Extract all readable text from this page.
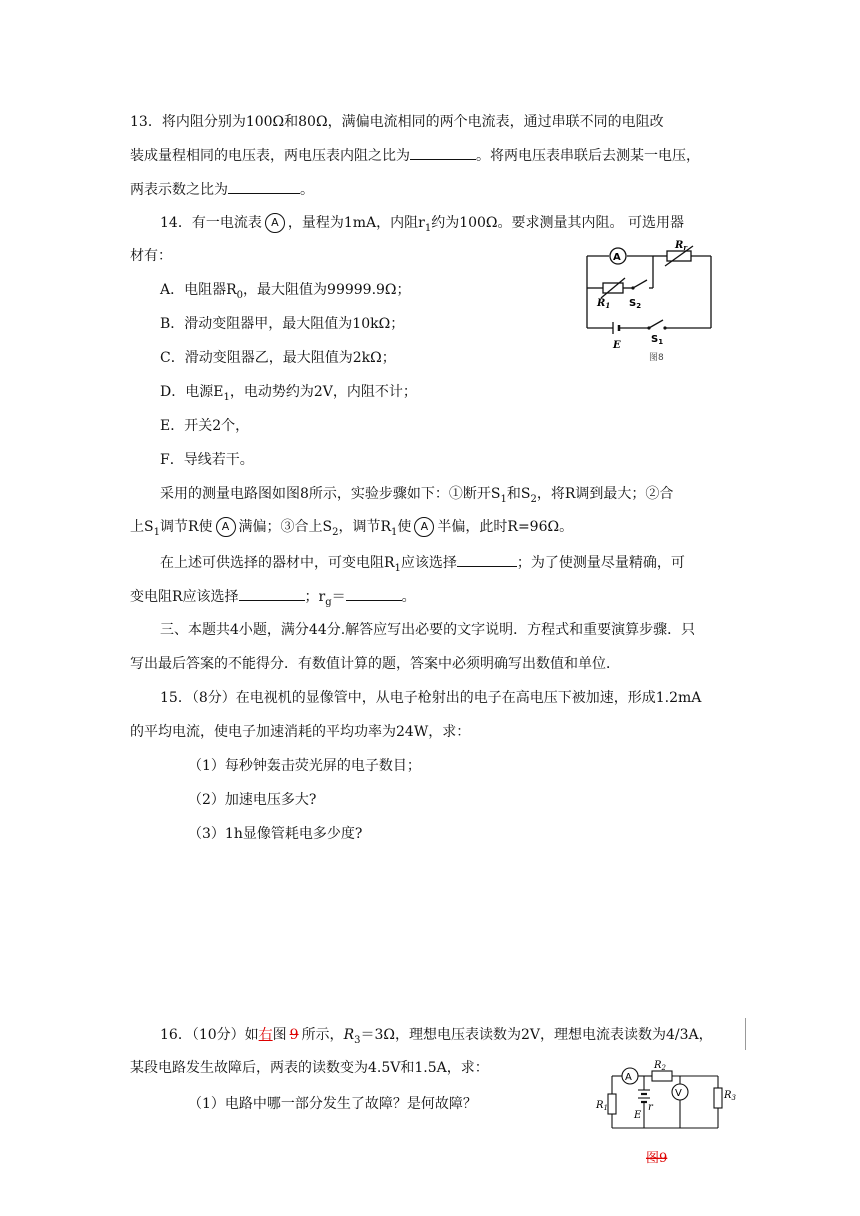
13．将内阻分别为100Ω和80Ω，满偏电流相同的两个电流表，通过串联不同的电阻改
装成量程相同的电压表，两电压表内阻之比为	。将两电压表串联后去测某一电压，
两表示数之比为	。
14．有一电流表 A ，量程为1mA，内阻$r_1$约为100Ω。要求测量其内阻。 可选用器
材有：
A．电阻器$R_0$，最大阻值为99999.9Ω；
B．滑动变阻器甲，最大阻值为10kΩ；
C．滑动变阻器乙，最大阻值为2kΩ；
D．电源$E_1$，电动势约为2V，内阻不计；
E．开关2个，
F．导线若干。
采用的测量电路图如图8所示，实验步骤如下：①断开$S_1$和$S_2$，将R调到最大；②合
上$S_1$调节R使 A 满偏；③合上$S_2$，调节$R_1$使 A 半偏，此时R=96Ω。
在上述可供选择的器材中，可变电阻$R_1$应该选择	；为了使测量尽量精确，可
变电阻R应该选择	；$r_g=$	。
A
$R_r$
$R_1$ $S_2$
$S_1$
E
图8
三、本题共4小题，满分44分.解答应写出必要的文字说明．方程式和重要演算步骤．只
写出最后答案的不能得分．有数值计算的题，答案中必须明确写出数值和单位．
15．（8分）在电视机的显像管中，从电子枪射出的电子在高电压下被加速，形成1.2mA
的平均电流，使电子加速消耗的平均功率为24W，求：
（1）每秒钟轰击荧光屏的电子数目；
（2）加速电压多大?
（3）1h显像管耗电多少度?
16．（10分）如右图 9 所示，$R_3=3\Omega$，理想电压表读数为2V，理想电流表读数为4/3A，
某段电路发生故障后，两表的读数变为4.5V和1.5A，求：
（1）电路中哪一部分发生了故障？是何故障？
A
V
$R_2$
$R_1$
$R_3$
E
r
图9
